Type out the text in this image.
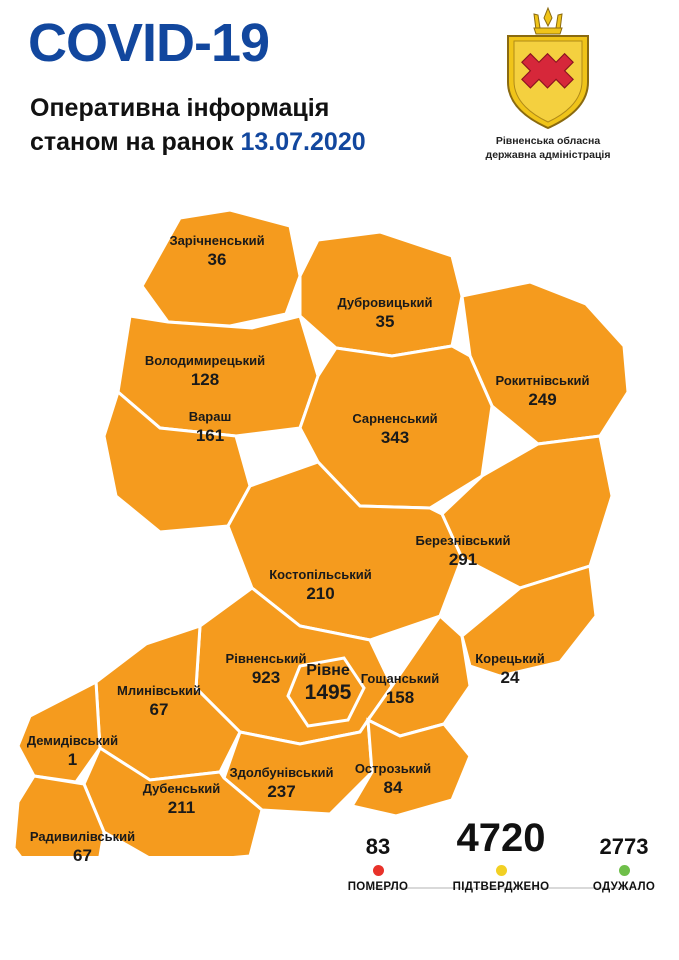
COVID-19
Оперативна інформація
станом на ранок 13.07.2020	Рівненська обласна
державна адміністрація
Зарічненський
36
Дубровицький
35
Володимирецький
128	Рокитнівський
249
Вараш
161
Сарненський
343
Березнівський
291
Костопільський
210
Рівненський
923	Рівне
1495
Гощанський
158
Корецький
24
Млинівський
67
Демидівський
1
Здолбунівський
237
Острозький
84
Дубенський
211
Радивилівський
67	83
ПОМЕРЛО
4720
ПІДТВЕРДЖЕНО
2773
ОДУЖАЛО
